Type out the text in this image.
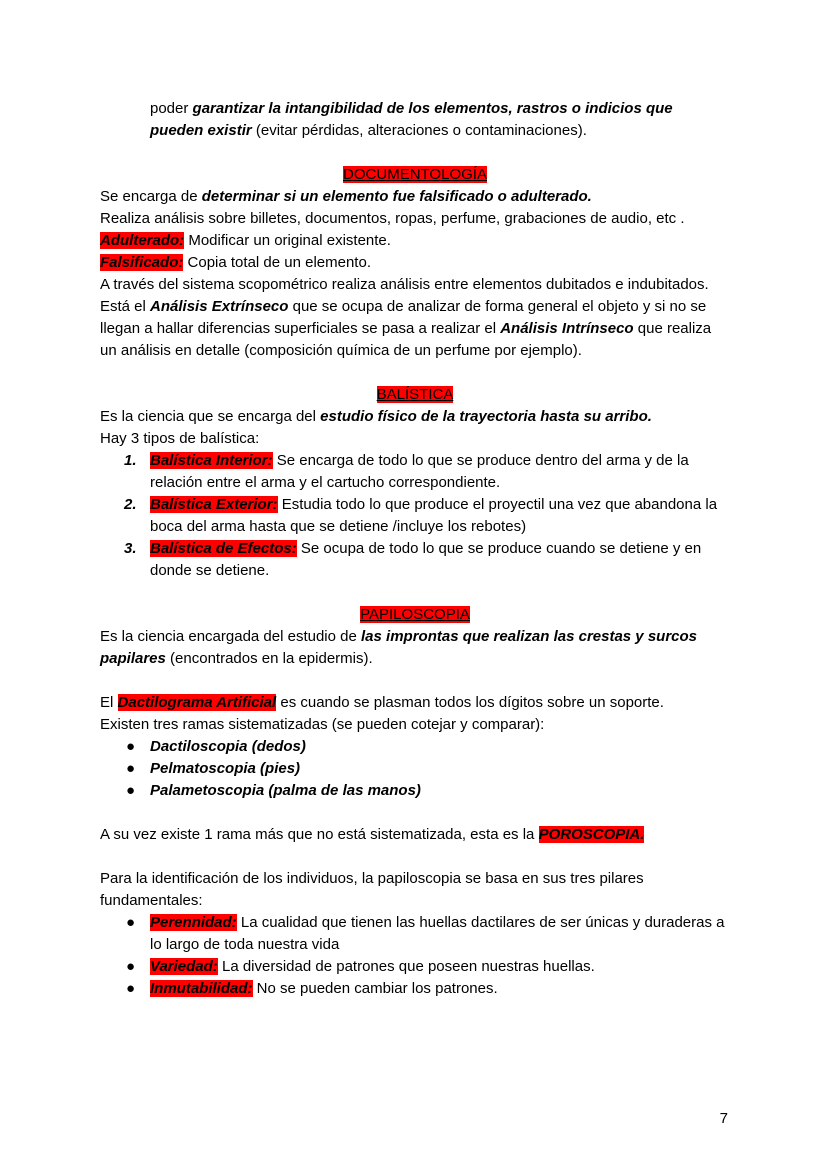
poder garantizar la intangibilidad de los elementos, rastros o indicios que pueden existir (evitar pérdidas, alteraciones o contaminaciones).

DOCUMENTOLOGÍA

Se encarga de determinar si un elemento fue falsificado o adulterado.

Realiza análisis sobre billetes, documentos, ropas, perfume, grabaciones de audio, etc .

Adulterado: Modificar un original existente.

Falsificado: Copia total de un elemento.

A través del sistema scopométrico realiza análisis entre elementos dubitados e indubitados. Está el Análisis Extrínseco que se ocupa de analizar de forma general el objeto y si no se llegan a hallar diferencias superficiales se pasa a realizar el Análisis Intrínseco que realiza un análisis en detalle (composición química de un perfume por ejemplo).

BALÍSTICA

Es la ciencia que se encarga del estudio físico de la trayectoria hasta su arribo.

Hay 3 tipos de balística:

1. Balística Interior: Se encarga de todo lo que se produce dentro del arma y de la relación entre el arma y el cartucho correspondiente.
2. Balística Exterior: Estudia todo lo que produce el proyectil una vez que abandona la boca del arma hasta que se detiene /incluye los rebotes)
3. Balística de Efectos: Se ocupa de todo lo que se produce cuando se detiene y en donde se detiene.

PAPILOSCOPIA

Es la ciencia encargada del estudio de las improntas que realizan las crestas y surcos papilares (encontrados en la epidermis).

El Dactilograma Artificial es cuando se plasman todos los dígitos sobre un soporte.

Existen tres ramas sistematizadas (se pueden cotejar y comparar):

● Dactiloscopia (dedos)
● Pelmatoscopia (pies)
● Palametoscopia (palma de las manos)

A su vez existe 1 rama más que no está sistematizada, esta es la POROSCOPIA.

Para la identificación de los individuos, la papiloscopia se basa en sus tres pilares fundamentales:

● Perennidad: La cualidad que tienen las huellas dactilares de ser únicas y duraderas a lo largo de toda nuestra vida
● Variedad: La diversidad de patrones que poseen nuestras huellas.
● Inmutabilidad: No se pueden cambiar los patrones.
7
